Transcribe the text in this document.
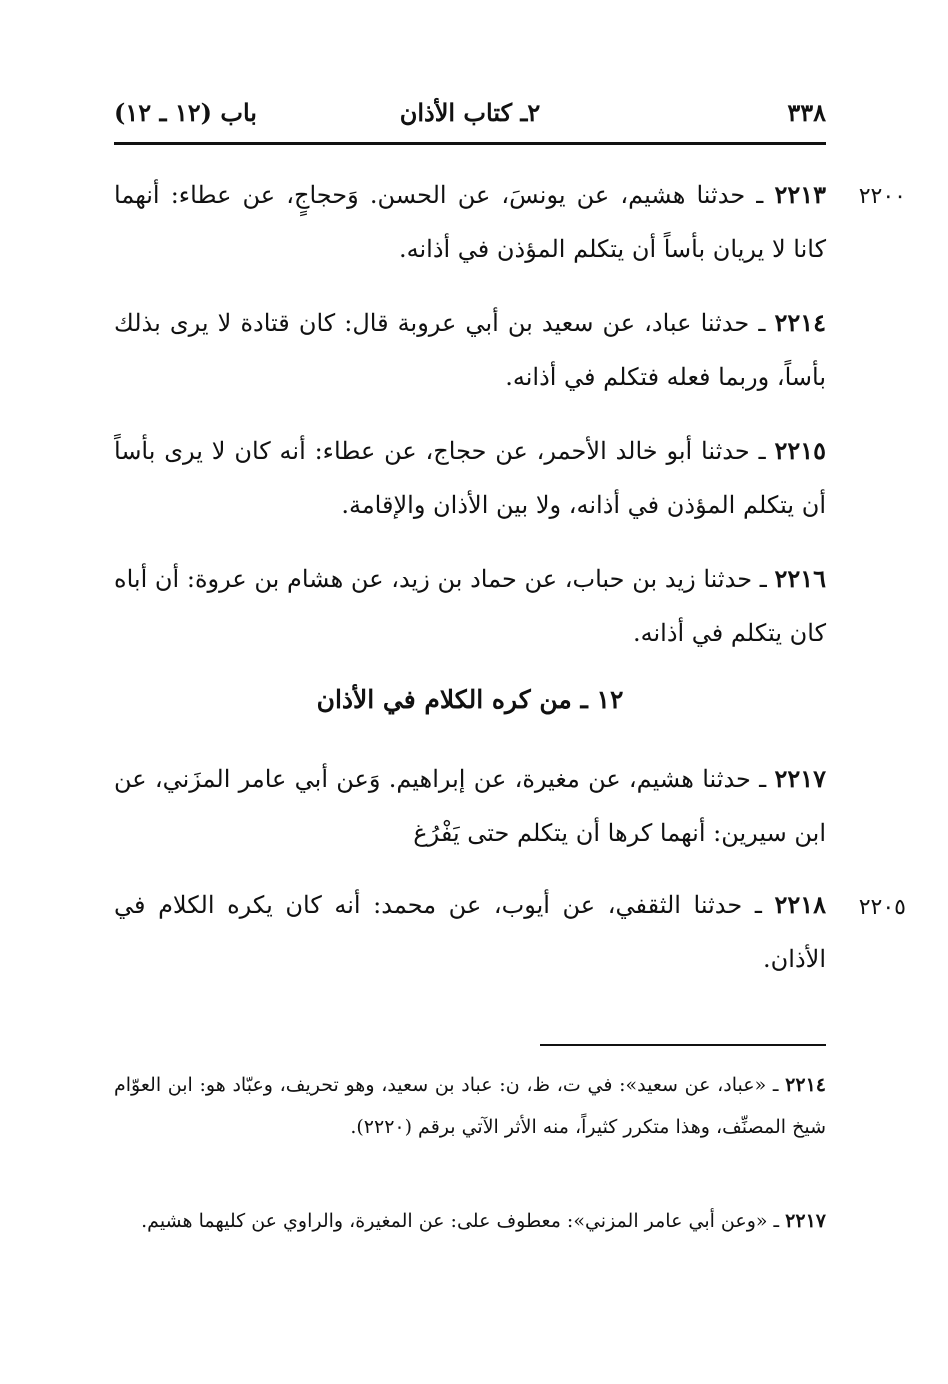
٣٣٨
٢ـ كتاب الأذان
باب (١٢ ـ ١٢)
٢٢٠٠
٢٢١٣ ـ حدثنا هشيم، عن يونسَ، عن الحسن. وَحجاجٍ، عن عطاء: أنهما كانا لا يريان بأساً أن يتكلم المؤذن في أذانه.
٢٢١٤ ـ حدثنا عباد، عن سعيد بن أبي عروبة قال: كان قتادة لا يرى بذلك بأساً، وربما فعله فتكلم في أذانه.
٢٢١٥ ـ حدثنا أبو خالد الأحمر، عن حجاج، عن عطاء: أنه كان لا يرى بأساً أن يتكلم المؤذن في أذانه، ولا بين الأذان والإقامة.
٢٢١٦ ـ حدثنا زيد بن حباب، عن حماد بن زيد، عن هشام بن عروة: أن أباه كان يتكلم في أذانه.
١٢ ـ من كره الكلام في الأذان
٢٢١٧ ـ حدثنا هشيم، عن مغيرة، عن إبراهيم. وَعن أبي عامر المزَني، عن ابن سيرين: أنهما كرها أن يتكلم حتى يَفْرُغ
٢٢٠٥
٢٢١٨ ـ حدثنا الثقفي، عن أيوب، عن محمد: أنه كان يكره الكلام في الأذان.
٢٢١٤ ـ «عباد، عن سعيد»: في ت، ظ، ن: عباد بن سعيد، وهو تحريف، وعبّاد هو: ابن العوّام شيخ المصنِّف، وهذا متكرر كثيراً، منه الأثر الآتي برقم (٢٢٢٠).
٢٢١٧ ـ «وعن أبي عامر المزني»: معطوف على: عن المغيرة، والراوي عن كليهما هشيم.
